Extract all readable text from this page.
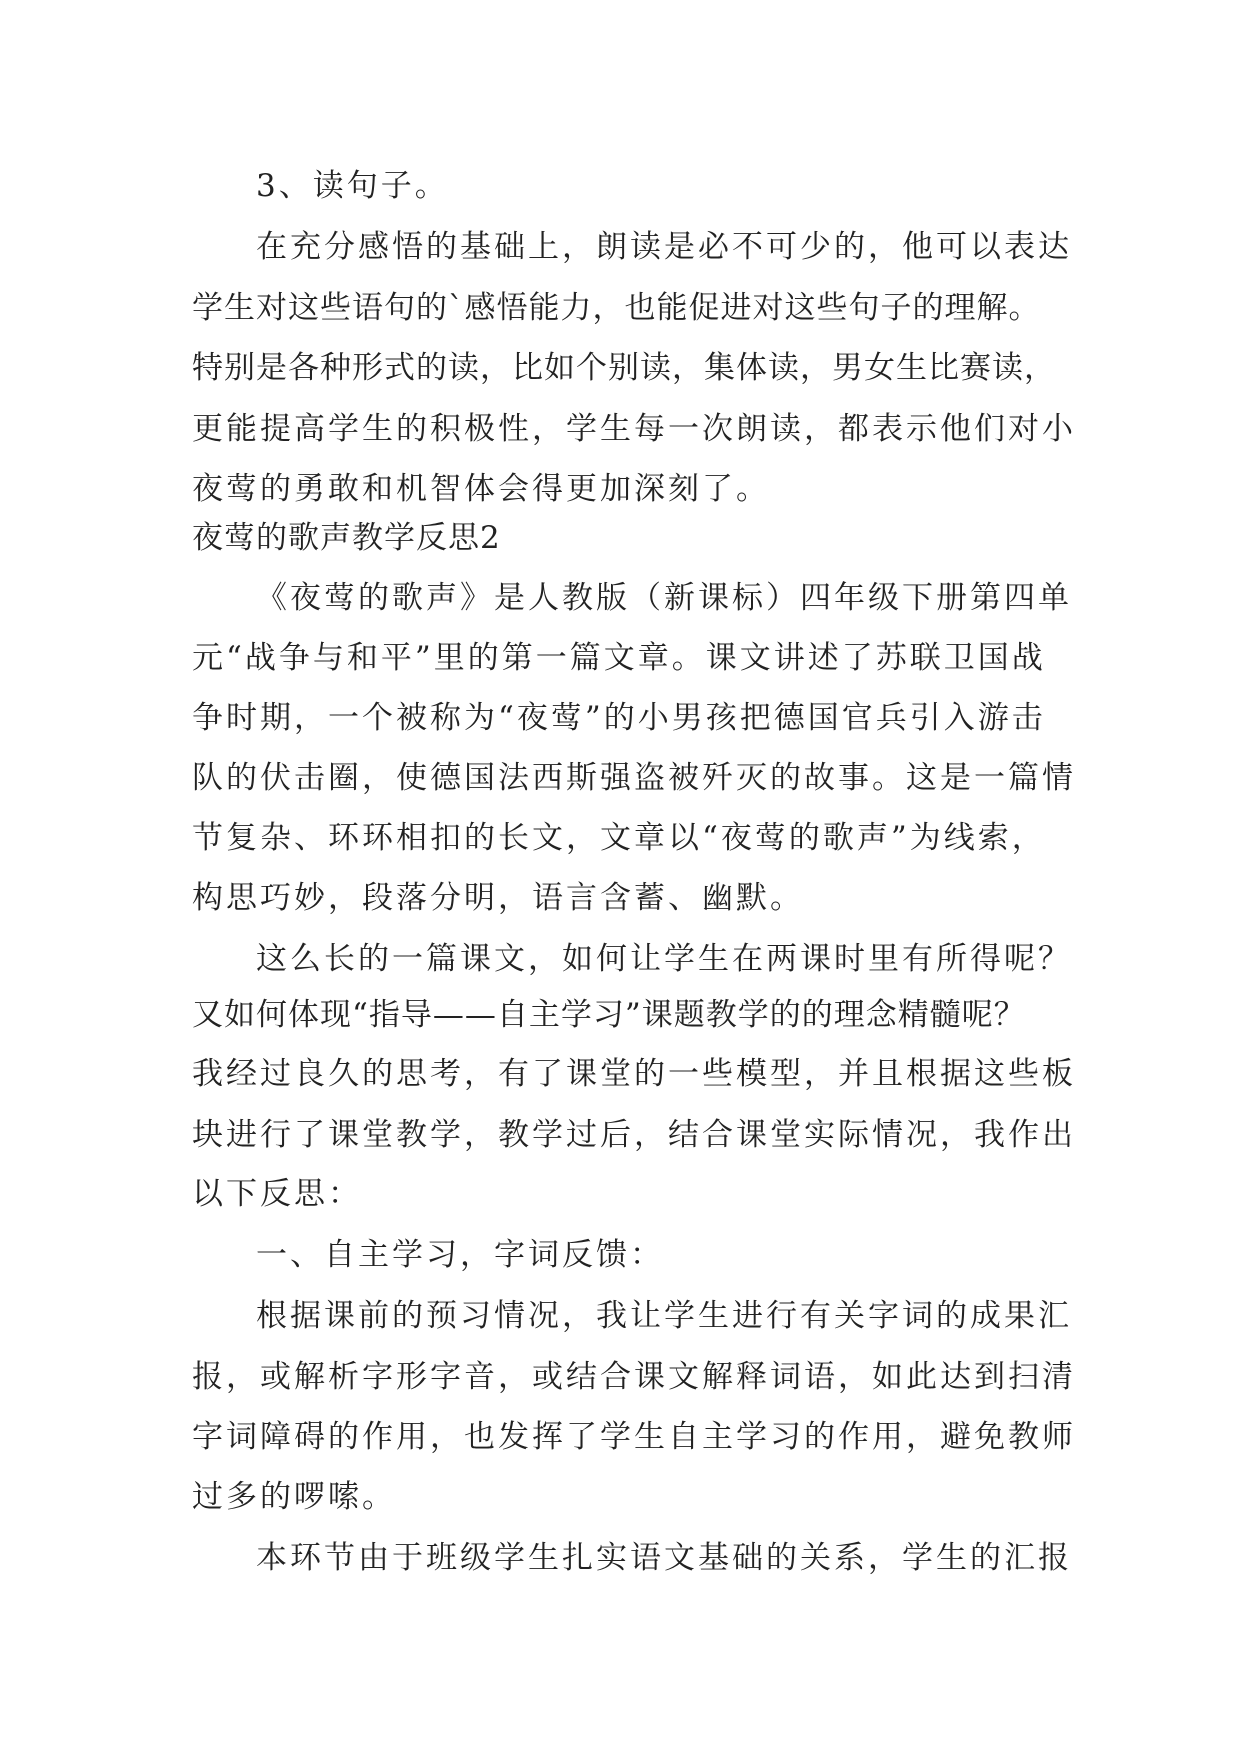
3、读句子。
在充分感悟的基础上，朗读是必不可少的，他可以表达
学生对这些语句的`感悟能力，也能促进对这些句子的理解。
特别是各种形式的读，比如个别读，集体读，男女生比赛读，
更能提高学生的积极性，学生每一次朗读，都表示他们对小
夜莺的勇敢和机智体会得更加深刻了。
夜莺的歌声教学反思2
《夜莺的歌声》是人教版（新课标）四年级下册第四单
元“战争与和平”里的第一篇文章。课文讲述了苏联卫国战
争时期，一个被称为“夜莺”的小男孩把德国官兵引入游击
队的伏击圈，使德国法西斯强盗被歼灭的故事。这是一篇情
节复杂、环环相扣的长文，文章以“夜莺的歌声”为线索，
构思巧妙，段落分明，语言含蓄、幽默。
这么长的一篇课文，如何让学生在两课时里有所得呢？
又如何体现“指导——自主学习”课题教学的的理念精髓呢？
我经过良久的思考，有了课堂的一些模型，并且根据这些板
块进行了课堂教学，教学过后，结合课堂实际情况，我作出
以下反思：
一、自主学习，字词反馈：
根据课前的预习情况，我让学生进行有关字词的成果汇
报，或解析字形字音，或结合课文解释词语，如此达到扫清
字词障碍的作用，也发挥了学生自主学习的作用，避免教师
过多的啰嗦。
本环节由于班级学生扎实语文基础的关系，学生的汇报
